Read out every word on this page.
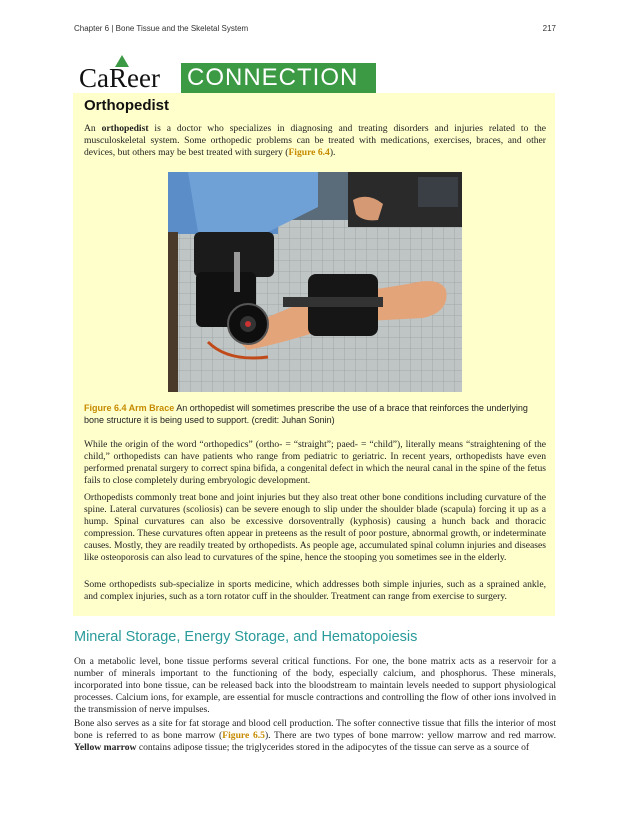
Chapter 6 | Bone Tissue and the Skeletal System	217
CaReer	CONNECTION
Orthopedist

An orthopedist is a doctor who specializes in diagnosing and treating disorders and injuries related to the musculoskeletal system. Some orthopedic problems can be treated with medications, exercises, braces, and other devices, but others may be best treated with surgery (Figure 6.4).

Figure 6.4 Arm Brace An orthopedist will sometimes prescribe the use of a brace that reinforces the underlying bone structure it is being used to support. (credit: Juhan Sonin)

While the origin of the word “orthopedics” (ortho- = “straight”; paed- = “child”), literally means “straightening of the child,” orthopedists can have patients who range from pediatric to geriatric. In recent years, orthopedists have even performed prenatal surgery to correct spina bifida, a congenital defect in which the neural canal in the spine of the fetus fails to close completely during embryologic development.

Orthopedists commonly treat bone and joint injuries but they also treat other bone conditions including curvature of the spine. Lateral curvatures (scoliosis) can be severe enough to slip under the shoulder blade (scapula) forcing it up as a hump. Spinal curvatures can also be excessive dorsoventrally (kyphosis) causing a hunch back and thoracic compression. These curvatures often appear in preteens as the result of poor posture, abnormal growth, or indeterminate causes. Mostly, they are readily treated by orthopedists. As people age, accumulated spinal column injuries and diseases like osteoporosis can also lead to curvatures of the spine, hence the stooping you sometimes see in the elderly.

Some orthopedists sub-specialize in sports medicine, which addresses both simple injuries, such as a sprained ankle, and complex injuries, such as a torn rotator cuff in the shoulder. Treatment can range from exercise to surgery.

Mineral Storage, Energy Storage, and Hematopoiesis

On a metabolic level, bone tissue performs several critical functions. For one, the bone matrix acts as a reservoir for a number of minerals important to the functioning of the body, especially calcium, and phosphorus. These minerals, incorporated into bone tissue, can be released back into the bloodstream to maintain levels needed to support physiological processes. Calcium ions, for example, are essential for muscle contractions and controlling the flow of other ions involved in the transmission of nerve impulses.

Bone also serves as a site for fat storage and blood cell production. The softer connective tissue that fills the interior of most bone is referred to as bone marrow (Figure 6.5). There are two types of bone marrow: yellow marrow and red marrow. Yellow marrow contains adipose tissue; the triglycerides stored in the adipocytes of the tissue can serve as a source of
